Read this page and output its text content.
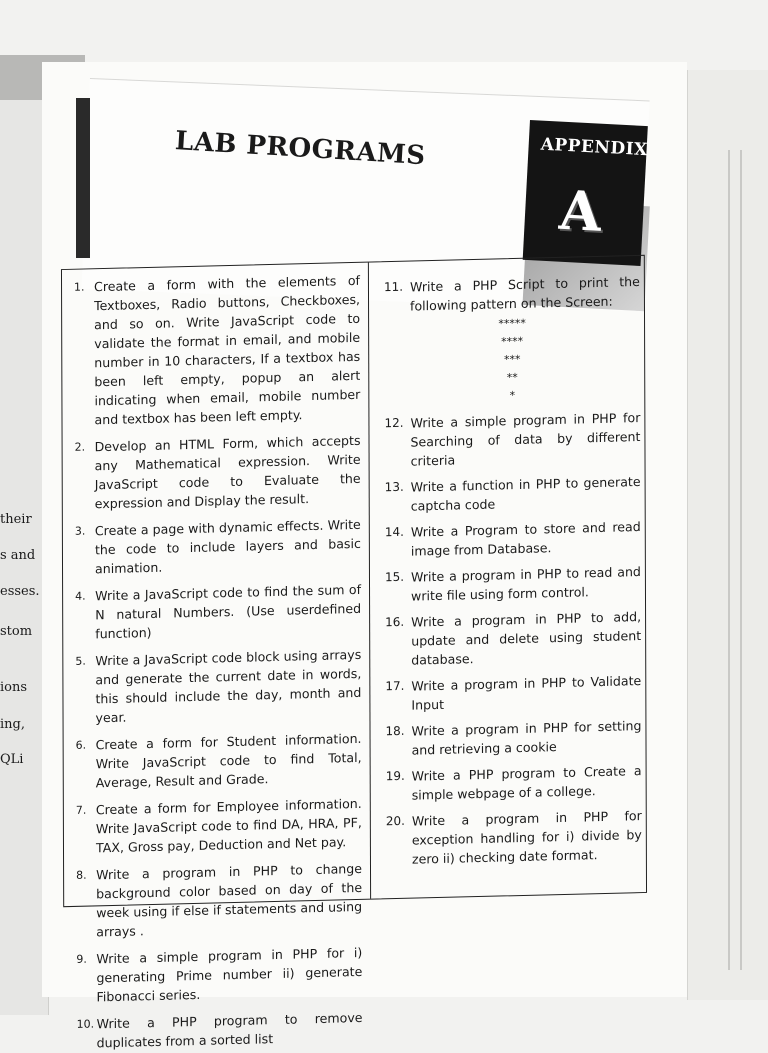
their
s and
esses.
stom
ions
ing,
QLi
LAB PROGRAMS	APPENDIX
A
1. Create a form with the elements of Textboxes, Radio buttons, Checkboxes, and so on. Write JavaScript code to validate the format in email, and mobile number in 10 characters, If a textbox has been left empty, popup an alert indicating when email, mobile number and textbox has been left empty.
2. Develop an HTML Form, which accepts any Mathematical expression. Write JavaScript code to Evaluate the expression and Display the result.
3. Create a page with dynamic effects. Write the code to include layers and basic animation.
4. Write a JavaScript code to find the sum of N natural Numbers. (Use userdefined function)
5. Write a JavaScript code block using arrays and generate the current date in words, this should include the day, month and year.
6. Create a form for Student information. Write JavaScript code to find Total, Average, Result and Grade.
7. Create a form for Employee information. Write JavaScript code to find DA, HRA, PF, TAX, Gross pay, Deduction and Net pay.
8. Write a program in PHP to change background color based on day of the week using if else if statements and using arrays .
9. Write a simple program in PHP for i) generating Prime number ii) generate Fibonacci series.
10. Write a PHP program to remove duplicates from a sorted list
11. Write a PHP Script to print the following pattern on the Screen:
*****
****
***
**
*
12. Write a simple program in PHP for Searching of data by different criteria
13. Write a function in PHP to generate captcha code
14. Write a Program to store and read image from Database.
15. Write a program in PHP to read and write file using form control.
16. Write a program in PHP to add, update and delete using student database.
17. Write a program in PHP to Validate Input
18. Write a program in PHP for setting and retrieving a cookie
19. Write a PHP program to Create a simple webpage of a college.
20. Write a program in PHP for exception handling for i) divide by zero ii) checking date format.
